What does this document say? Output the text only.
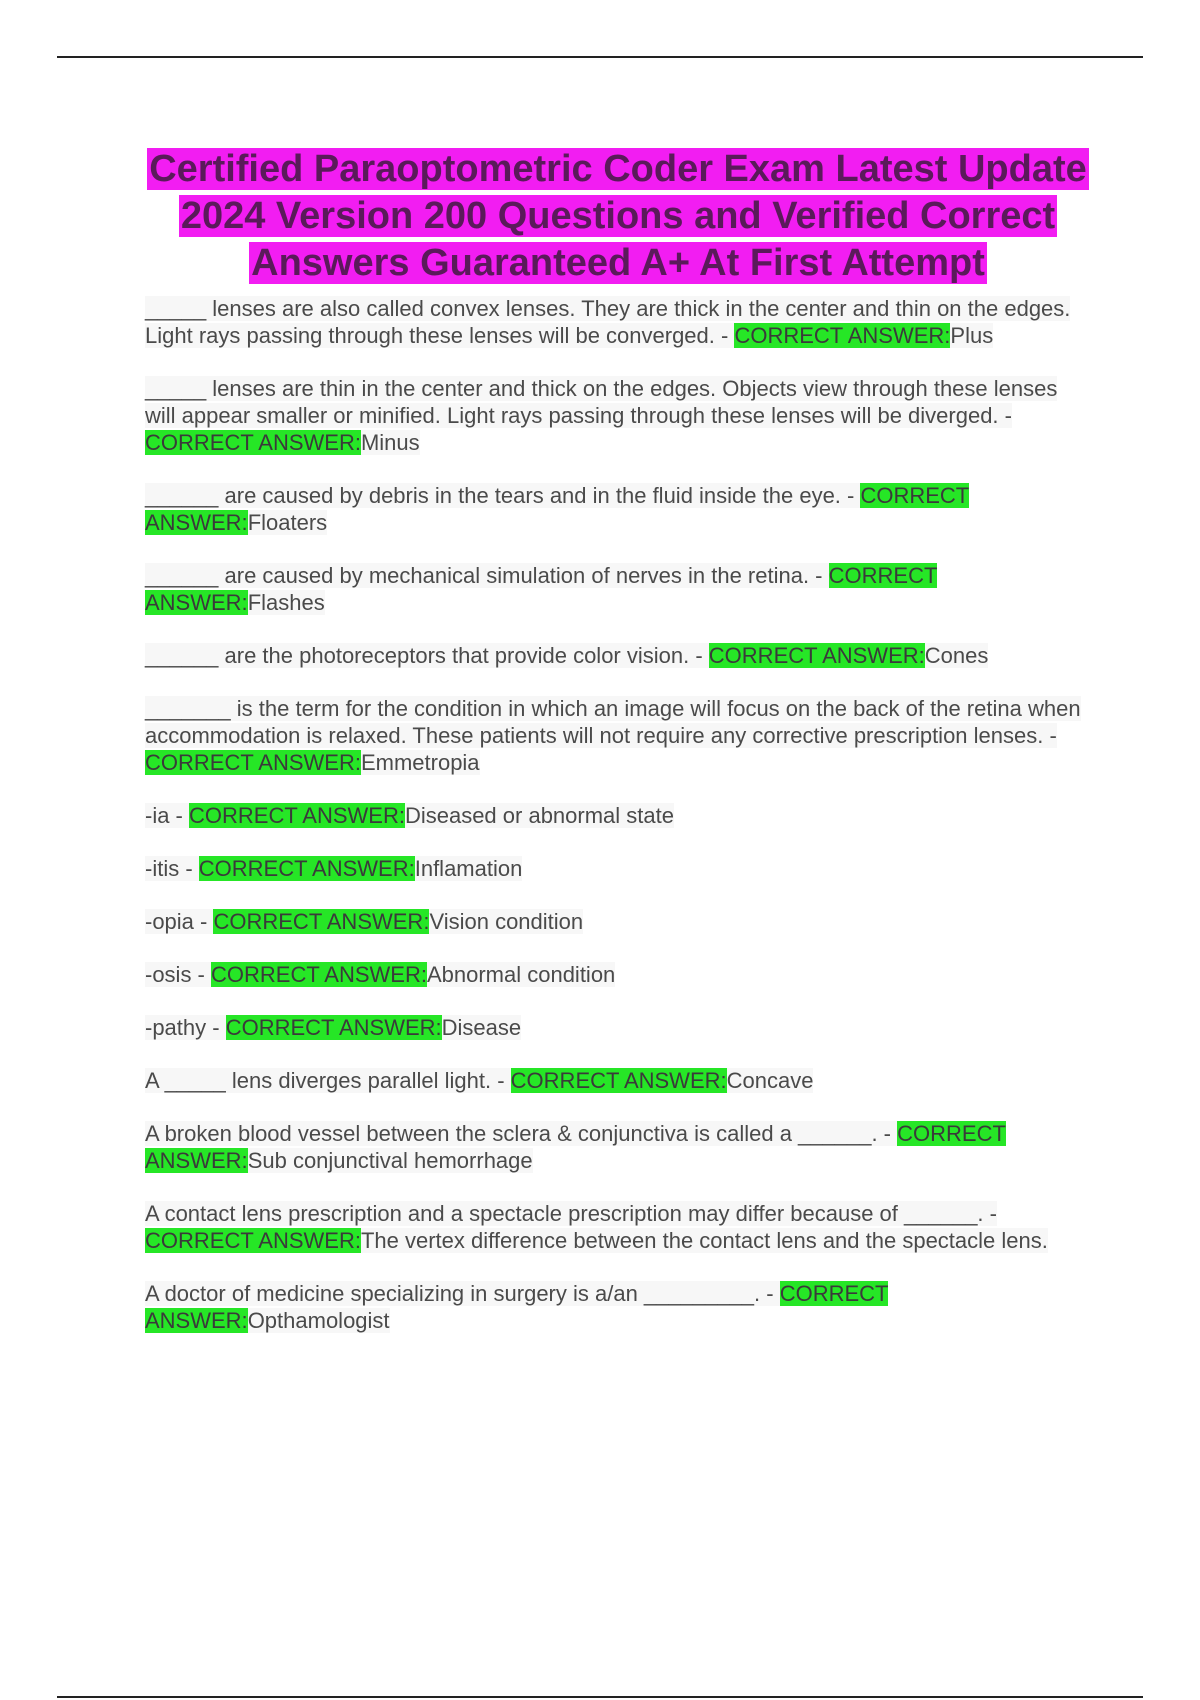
Certified Paraoptometric Coder Exam Latest Update 2024 Version 200 Questions and Verified Correct Answers Guaranteed A+ At First Attempt
_____ lenses are also called convex lenses. They are thick in the center and thin on the edges. Light rays passing through these lenses will be converged. - CORRECT ANSWER:Plus
_____ lenses are thin in the center and thick on the edges. Objects view through these lenses will appear smaller or minified. Light rays passing through these lenses will be diverged. - CORRECT ANSWER:Minus
______ are caused by debris in the tears and in the fluid inside the eye. - CORRECT ANSWER:Floaters
______ are caused by mechanical simulation of nerves in the retina. - CORRECT ANSWER:Flashes
______ are the photoreceptors that provide color vision. - CORRECT ANSWER:Cones
_______ is the term for the condition in which an image will focus on the back of the retina when accommodation is relaxed. These patients will not require any corrective prescription lenses. - CORRECT ANSWER:Emmetropia
-ia - CORRECT ANSWER:Diseased or abnormal state
-itis - CORRECT ANSWER:Inflamation
-opia - CORRECT ANSWER:Vision condition
-osis - CORRECT ANSWER:Abnormal condition
-pathy - CORRECT ANSWER:Disease
A _____ lens diverges parallel light. - CORRECT ANSWER:Concave
A broken blood vessel between the sclera & conjunctiva is called a ______. - CORRECT ANSWER:Sub conjunctival hemorrhage
A contact lens prescription and a spectacle prescription may differ because of ______. - CORRECT ANSWER:The vertex difference between the contact lens and the spectacle lens.
A doctor of medicine specializing in surgery is a/an _________. - CORRECT ANSWER:Opthamologist
